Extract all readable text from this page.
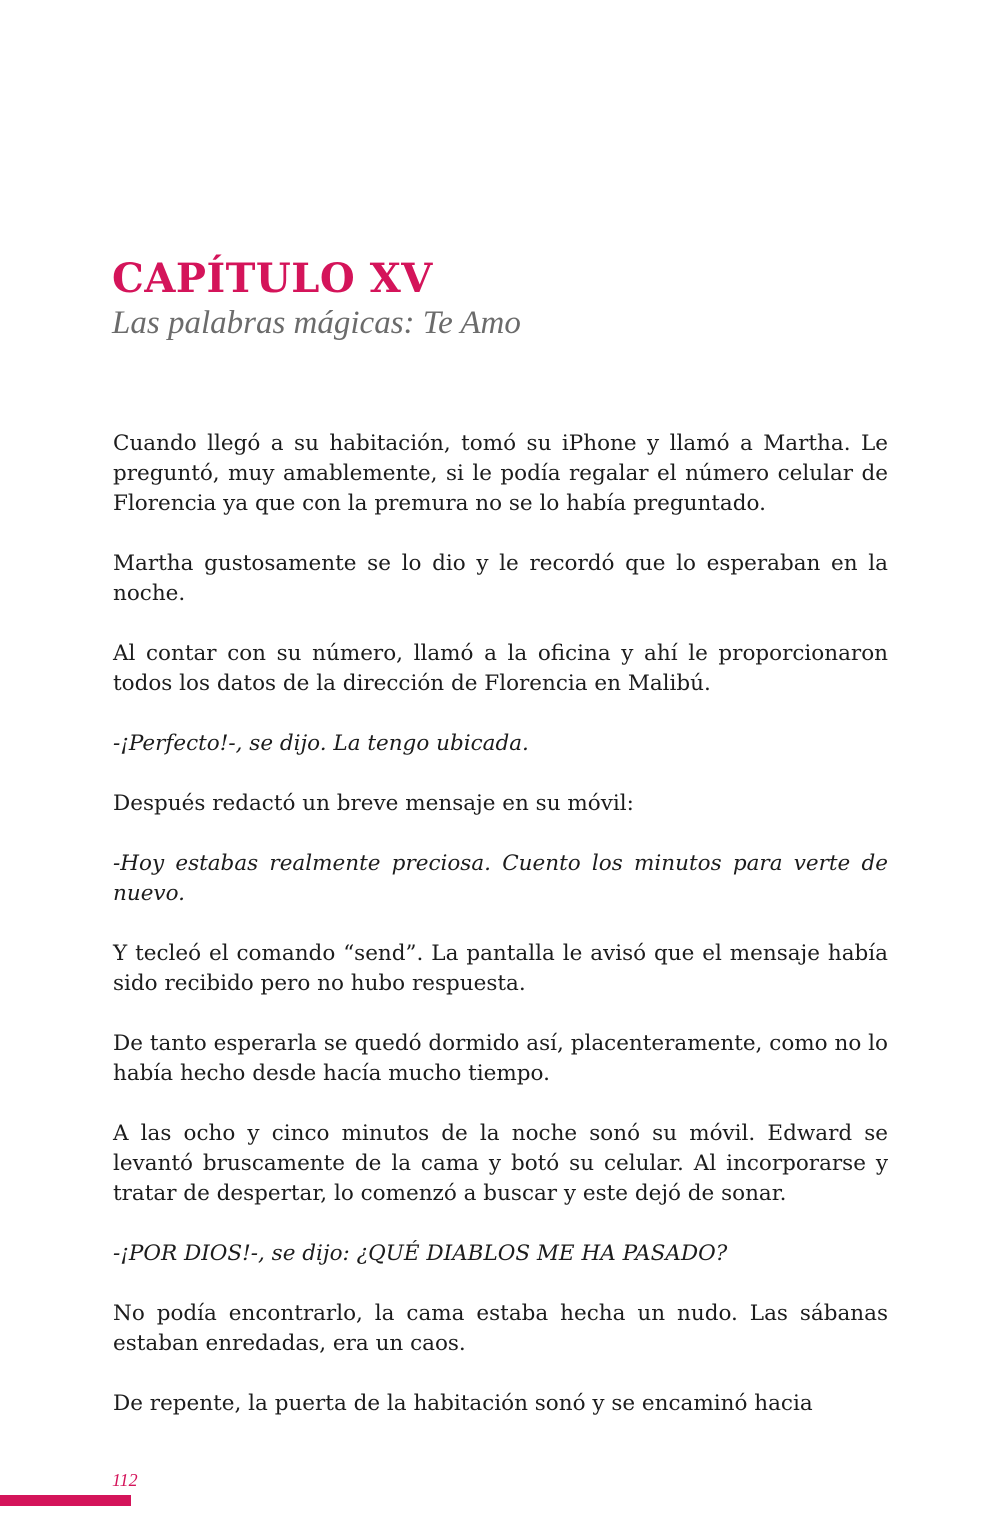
CAPÍTULO XV
Las palabras mágicas: Te Amo

Cuando llegó a su habitación, tomó su iPhone y llamó a Martha. Le preguntó, muy amablemente, si le podía regalar el número celular de Florencia ya que con la premura no se lo había preguntado.

Martha gustosamente se lo dio y le recordó que lo esperaban en la noche.

Al contar con su número, llamó a la oficina y ahí le proporcionaron todos los datos de la dirección de Florencia en Malibú.

-¡Perfecto!-, se dijo. La tengo ubicada.

Después redactó un breve mensaje en su móvil:

-Hoy estabas realmente preciosa. Cuento los minutos para verte de nuevo.

Y tecleó el comando “send”. La pantalla le avisó que el mensaje había sido recibido pero no hubo respuesta.

De tanto esperarla se quedó dormido así, placenteramente, como no lo había hecho desde hacía mucho tiempo.

A las ocho y cinco minutos de la noche sonó su móvil. Edward se levantó bruscamente de la cama y botó su celular. Al incorporarse y tratar de despertar, lo comenzó a buscar y este dejó de sonar.

-¡POR DIOS!-, se dijo: ¿QUÉ DIABLOS ME HA PASADO?

No podía encontrarlo, la cama estaba hecha un nudo. Las sábanas estaban enredadas, era un caos.

De repente, la puerta de la habitación sonó y se encaminó hacia

112
